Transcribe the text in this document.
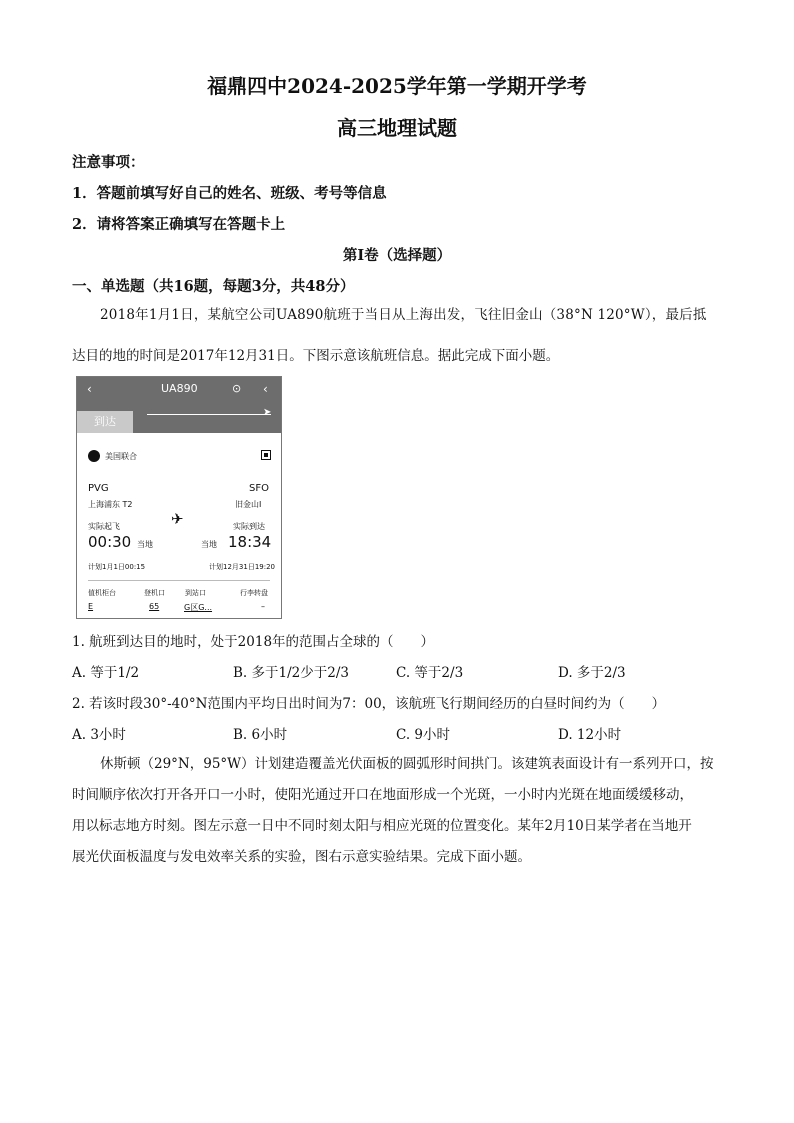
福鼎四中2024-2025学年第一学期开学考
高三地理试题
注意事项：
1．答题前填写好自己的姓名、班级、考号等信息
2．请将答案正确填写在答题卡上
第I卷（选择题）
一、单选题（共16题，每题3分，共48分）
2018年1月1日，某航空公司UA890航班于当日从上海出发，飞往旧金山（38°N 120°W），最后抵
达目的地的时间是2017年12月31日。下图示意该航班信息。据此完成下面小题。
‹	UA890	⊙ ‹
到达
➤
美国联合
PVG
上海浦东 T2
SFO
旧金山I
✈
实际起飞
00:30 当地
实际到达
当地 18:34
计划1月1日00:15	计划12月31日19:20
值机柜台	登机口	到站口	行李转盘
E	65	G区G...	–
1. 航班到达目的地时，处于2018年的范围占全球的（　　）
A. 等于1/2	B. 多于1/2少于2/3	C. 等于2/3	D. 多于2/3
2. 若该时段30°-40°N范围内平均日出时间为7：00，该航班飞行期间经历的白昼时间约为（　　）
A. 3小时	B. 6小时	C. 9小时	D. 12小时
休斯顿（29°N，95°W）计划建造覆盖光伏面板的圆弧形时间拱门。该建筑表面设计有一系列开口，按
时间顺序依次打开各开口一小时，使阳光通过开口在地面形成一个光斑，一小时内光斑在地面缓缓移动，
用以标志地方时刻。图左示意一日中不同时刻太阳与相应光斑的位置变化。某年2月10日某学者在当地开
展光伏面板温度与发电效率关系的实验，图右示意实验结果。完成下面小题。
